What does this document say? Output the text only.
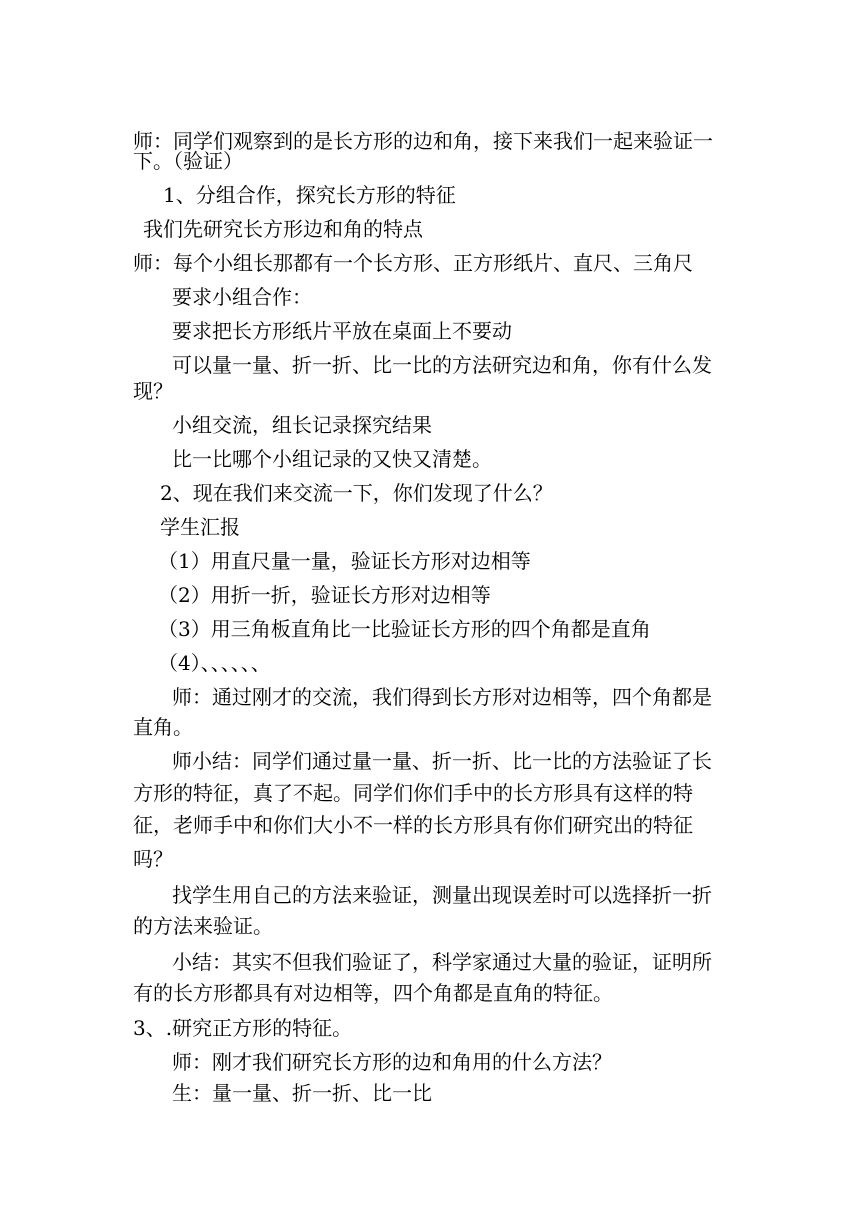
师：同学们观察到的是长方形的边和角，接下来我们一起来验证一
下。（验证）
1、分组合作，探究长方形的特征
我们先研究长方形边和角的特点
师：每个小组长那都有一个长方形、正方形纸片、直尺、三角尺
要求小组合作：
要求把长方形纸片平放在桌面上不要动
可以量一量、折一折、比一比的方法研究边和角，你有什么发
现？
小组交流，组长记录探究结果
比一比哪个小组记录的又快又清楚。
2、现在我们来交流一下，你们发现了什么？
学生汇报
（1）用直尺量一量，验证长方形对边相等
（2）用折一折，验证长方形对边相等
（3）用三角板直角比一比验证长方形的四个角都是直角
（4）、、、、、、
师：通过刚才的交流，我们得到长方形对边相等，四个角都是
直角。
师小结：同学们通过量一量、折一折、比一比的方法验证了长
方形的特征，真了不起。同学们你们手中的长方形具有这样的特
征，老师手中和你们大小不一样的长方形具有你们研究出的特征
吗？
找学生用自己的方法来验证，测量出现误差时可以选择折一折
的方法来验证。
小结：其实不但我们验证了，科学家通过大量的验证，证明所
有的长方形都具有对边相等，四个角都是直角的特征。
3、.研究正方形的特征。
师：刚才我们研究长方形的边和角用的什么方法？
生：量一量、折一折、比一比
